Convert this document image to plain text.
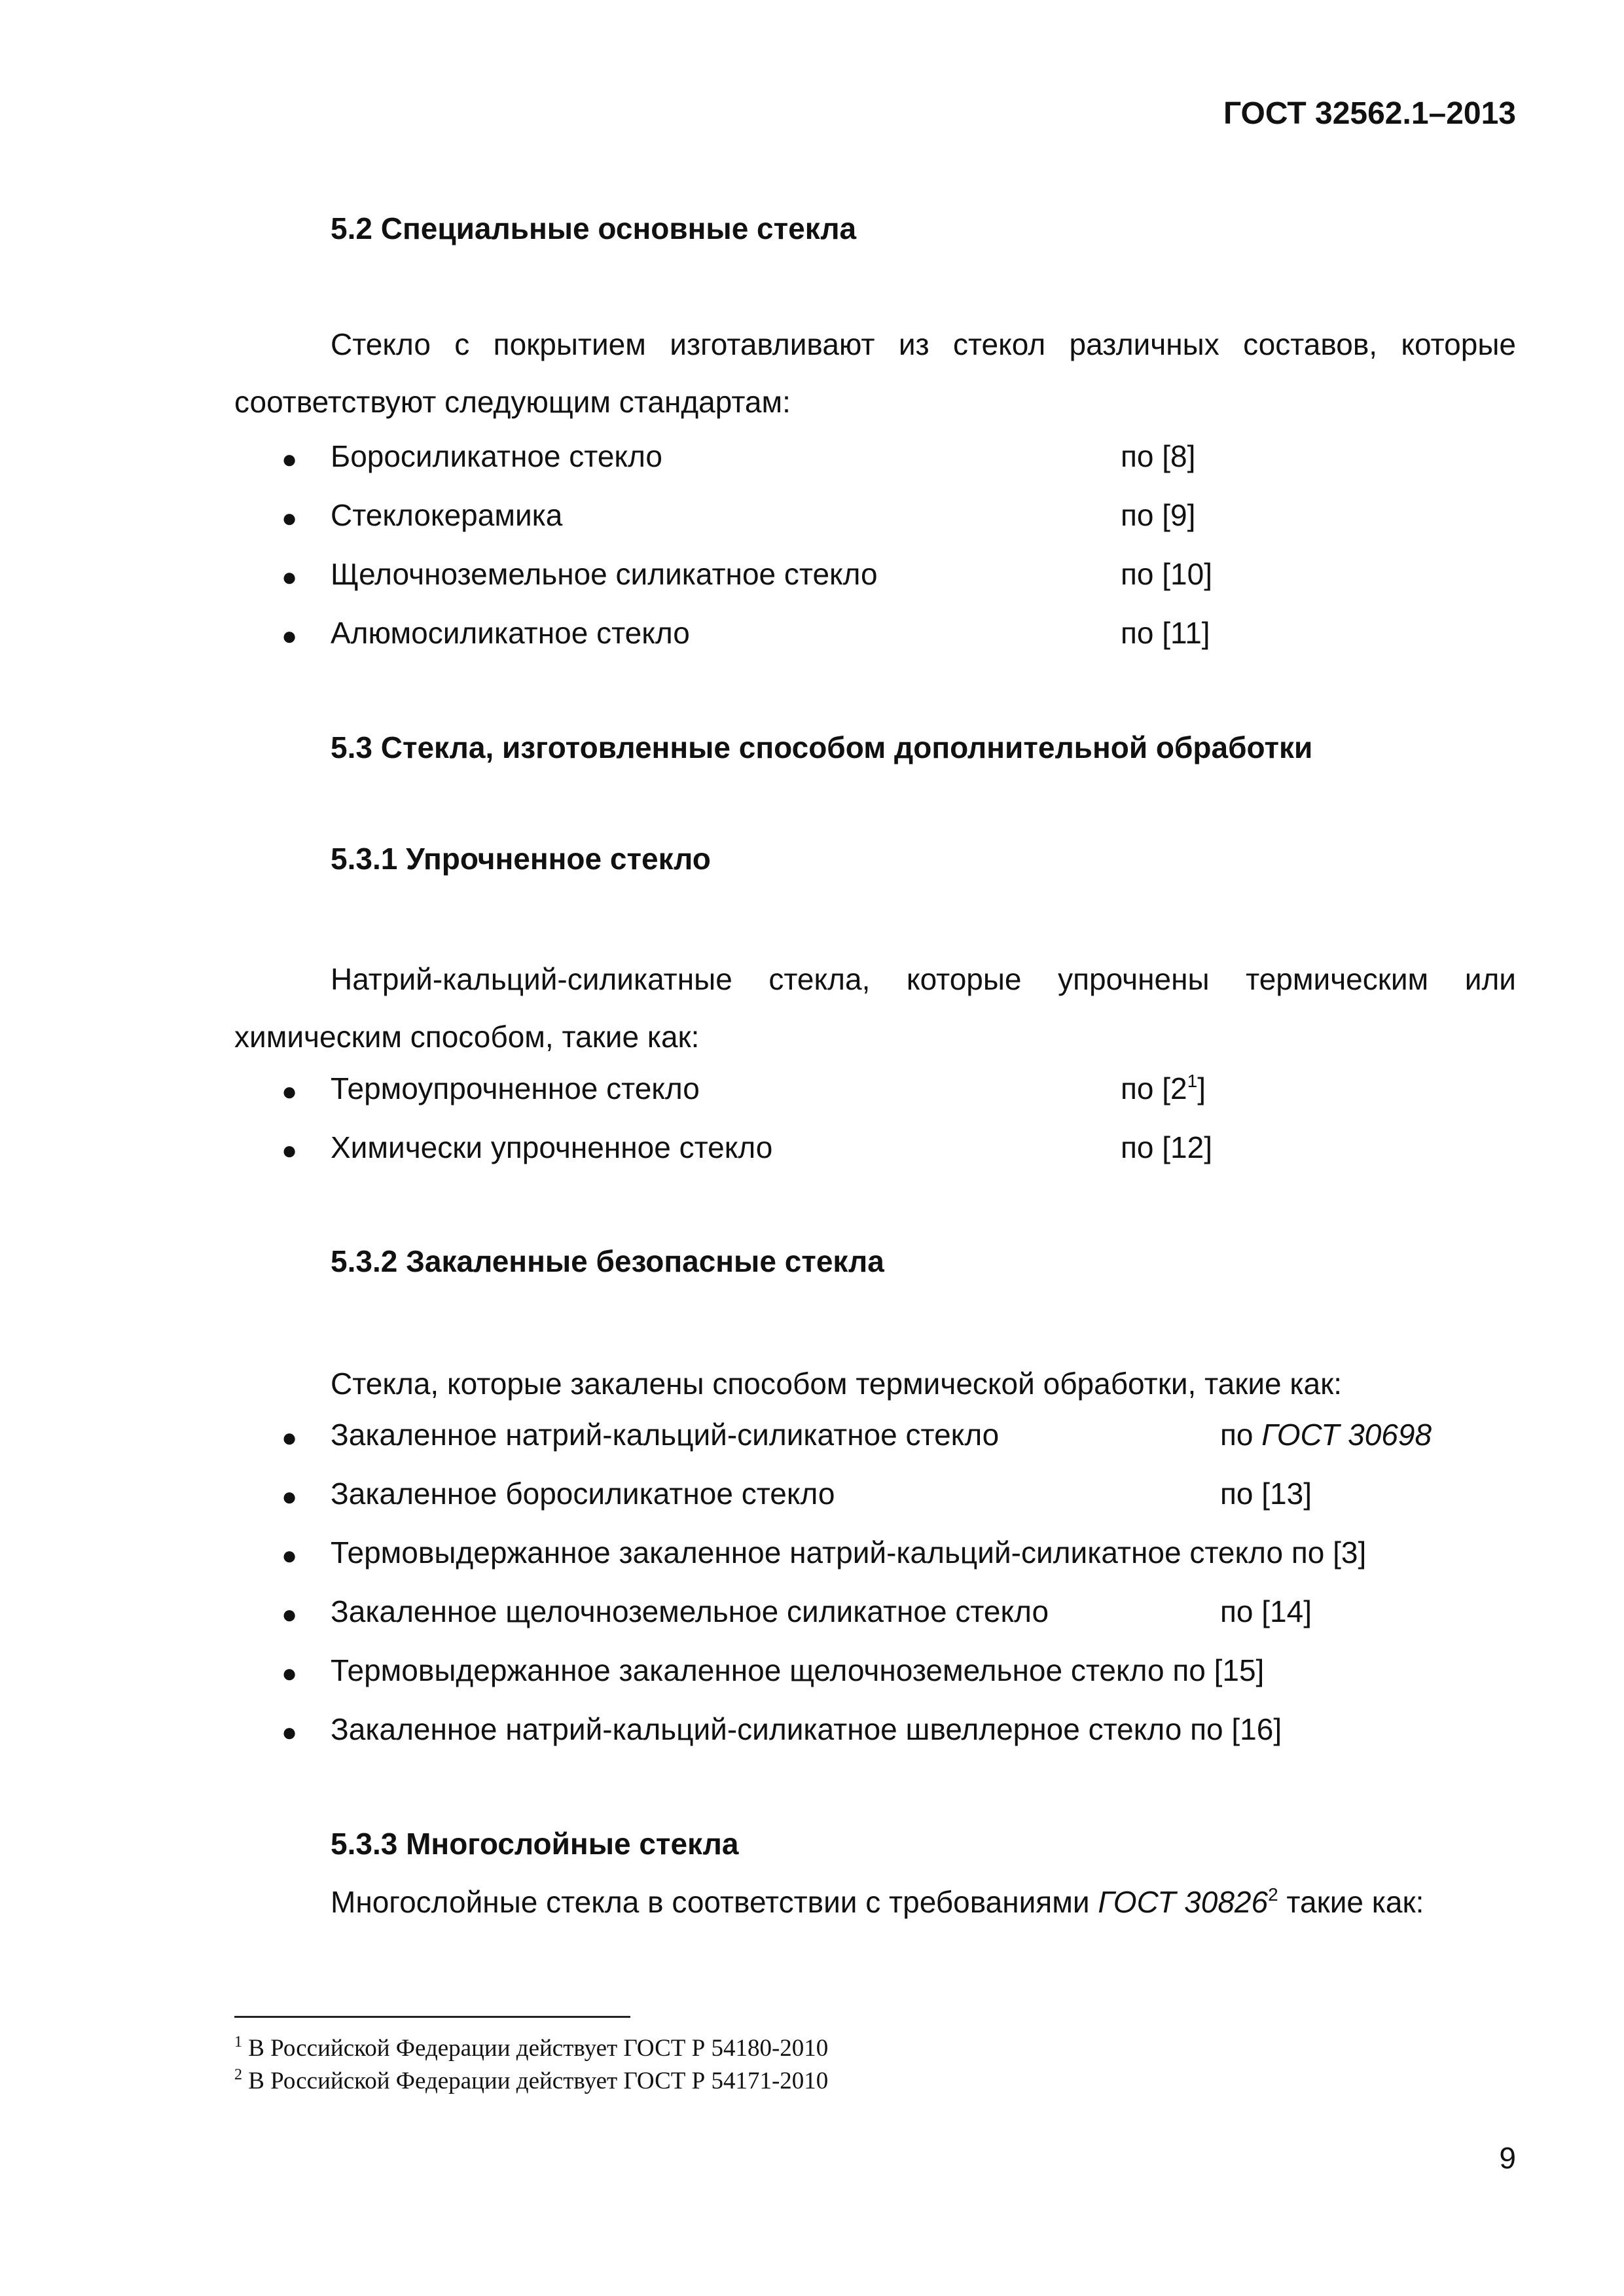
ГОСТ 32562.1–2013
5.2 Специальные основные стекла
Стекло с покрытием изготавливают из стекол различных составов, которые соответствуют следующим стандартам:
● Боросиликатное стекло	по [8]
● Стеклокерамика	по [9]
● Щелочноземельное силикатное стекло	по [10]
● Алюмосиликатное стекло	по [11]
5.3 Стекла, изготовленные способом дополнительной обработки
5.3.1 Упрочненное стекло
Натрий-кальций-силикатные стекла, которые упрочнены термическим или химическим способом, такие как:
● Термоупрочненное стекло	по $[2^1]$
● Химически упрочненное стекло	по [12]
5.3.2 Закаленные безопасные стекла
Стекла, которые закалены способом термической обработки, такие как:
● Закаленное натрий-кальций-силикатное стекло	по ГОСТ 30698
● Закаленное боросиликатное стекло	по [13]
● Термовыдержанное закаленное натрий-кальций-силикатное стекло по [3]
● Закаленное щелочноземельное силикатное стекло	по [14]
● Термовыдержанное закаленное щелочноземельное стекло по [15]
● Закаленное натрий-кальций-силикатное швеллерное стекло по [16]
5.3.3 Многослойные стекла
Многослойные стекла в соответствии с требованиями ГОСТ 30826$^2$ такие как:
$^1$ В Российской Федерации действует ГОСТ Р 54180-2010
$^2$ В Российской Федерации действует ГОСТ Р 54171-2010
9
